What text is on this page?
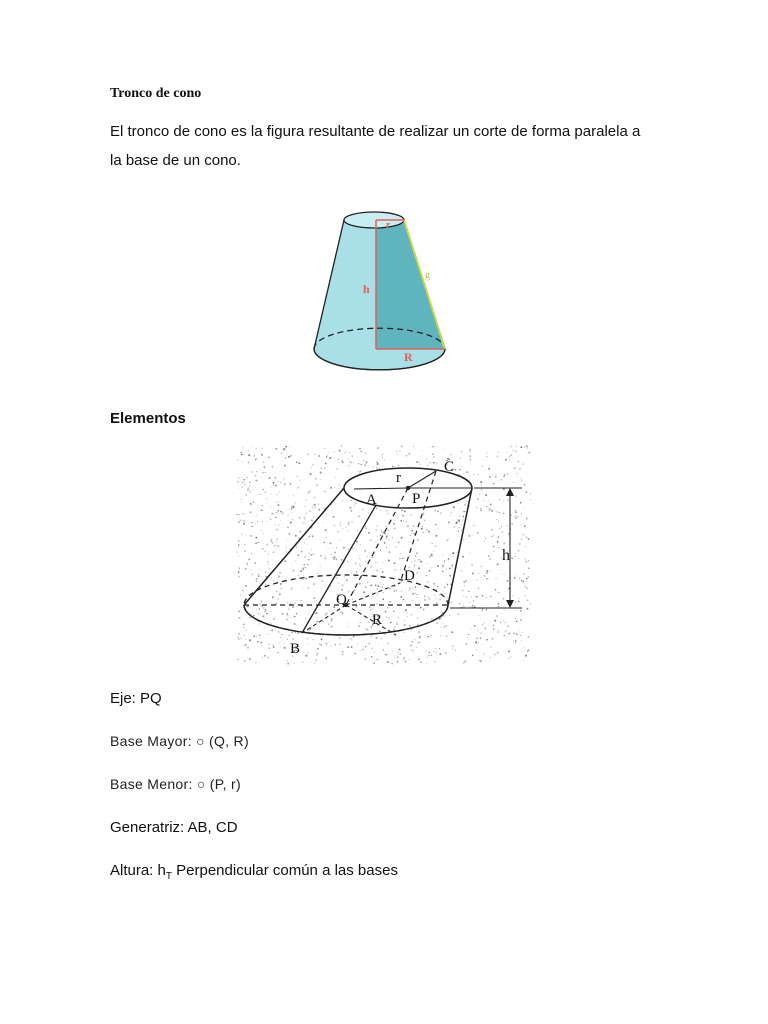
Tronco de cono

El tronco de cono es la figura resultante de realizar un corte de forma paralela a
la base de un cono.
r
h
g
R

Elementos

C
r
A P
h
D
Q
R
B

Eje: PQ

Base Mayor: ○ (Q, R)

Base Menor: ○ (P, r)

Generatriz: AB, CD

Altura: $h_T$ Perpendicular común a las bases
